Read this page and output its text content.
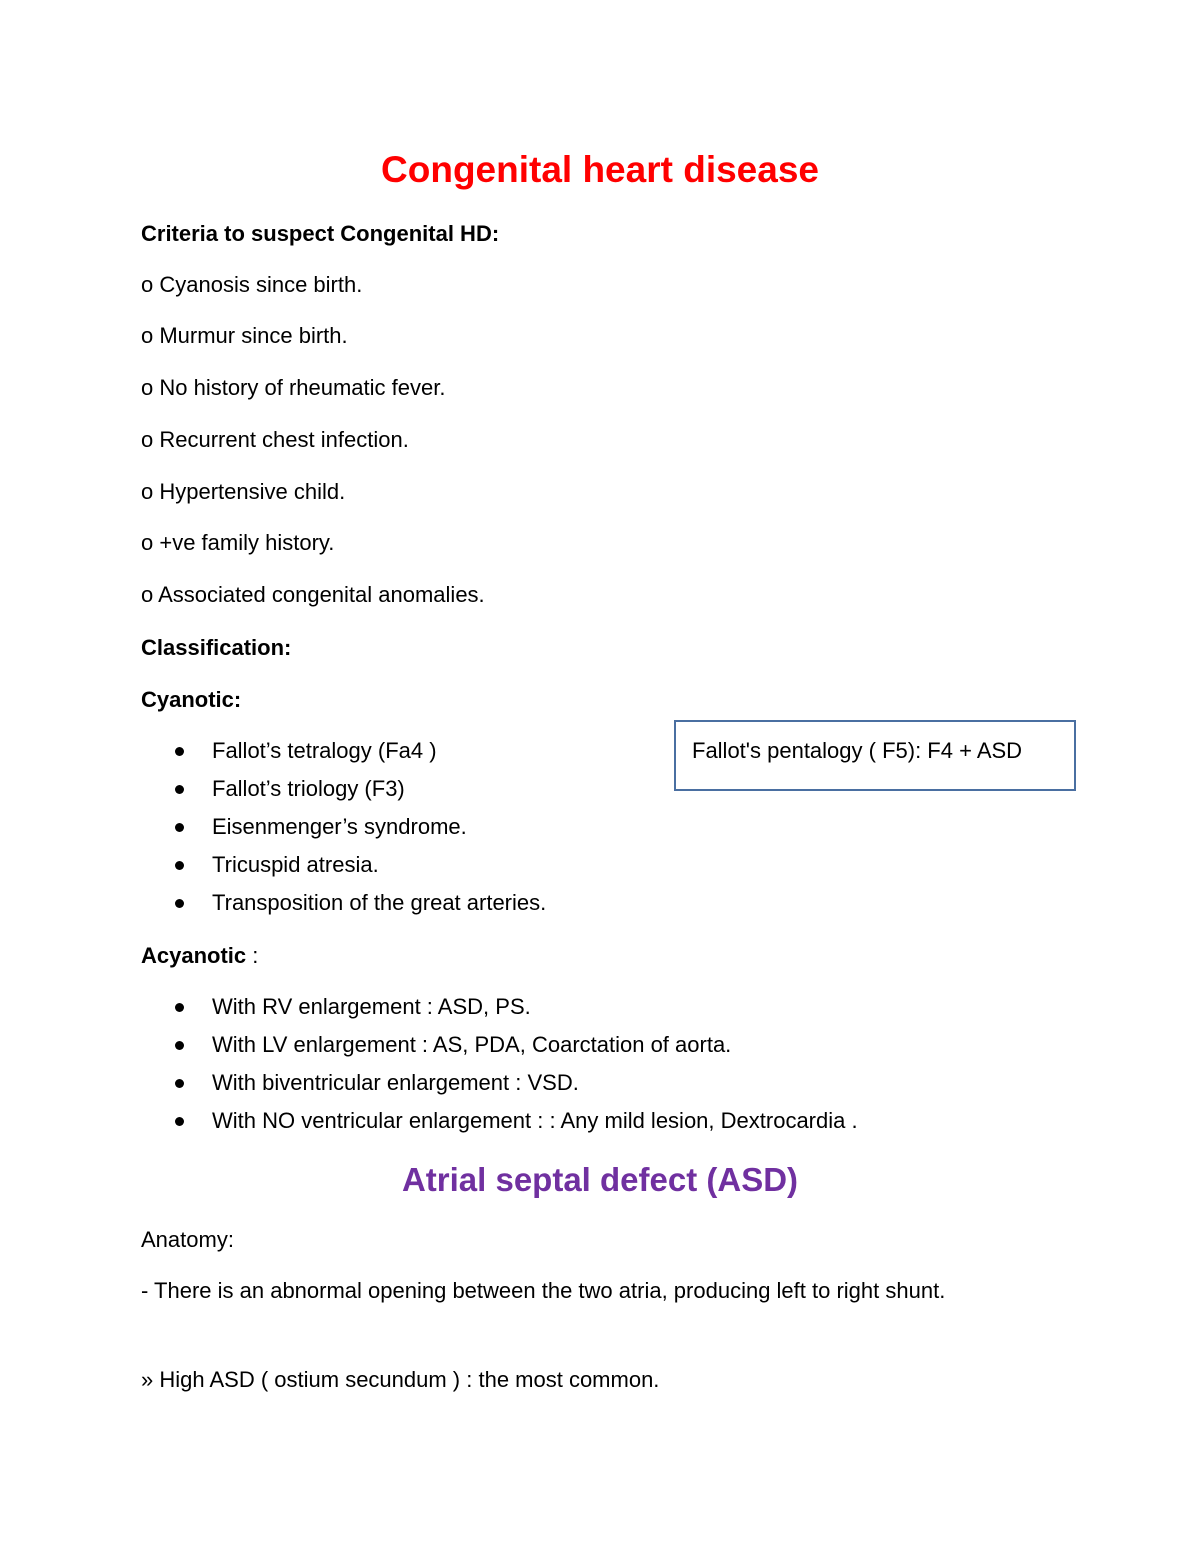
Congenital heart disease
Criteria to suspect Congenital HD:
o Cyanosis since birth.
o Murmur since birth.
o No history of rheumatic fever.
o Recurrent chest infection.
o Hypertensive child.
o +ve family history.
o Associated congenital anomalies.
Classification:
Cyanotic:
Fallot’s tetralogy (Fa4 )
Fallot’s triology (F3)
Eisenmenger’s syndrome.
Tricuspid atresia.
Transposition of the great arteries.
Fallot's pentalogy ( F5): F4 + ASD
Acyanotic :
With RV enlargement : ASD, PS.
With LV enlargement : AS, PDA, Coarctation of aorta.
With biventricular enlargement : VSD.
With NO ventricular enlargement : : Any mild lesion, Dextrocardia .
Atrial septal defect (ASD)
Anatomy:
- There is an abnormal opening between the two atria, producing left to right shunt.
» High ASD ( ostium secundum ) : the most common.
